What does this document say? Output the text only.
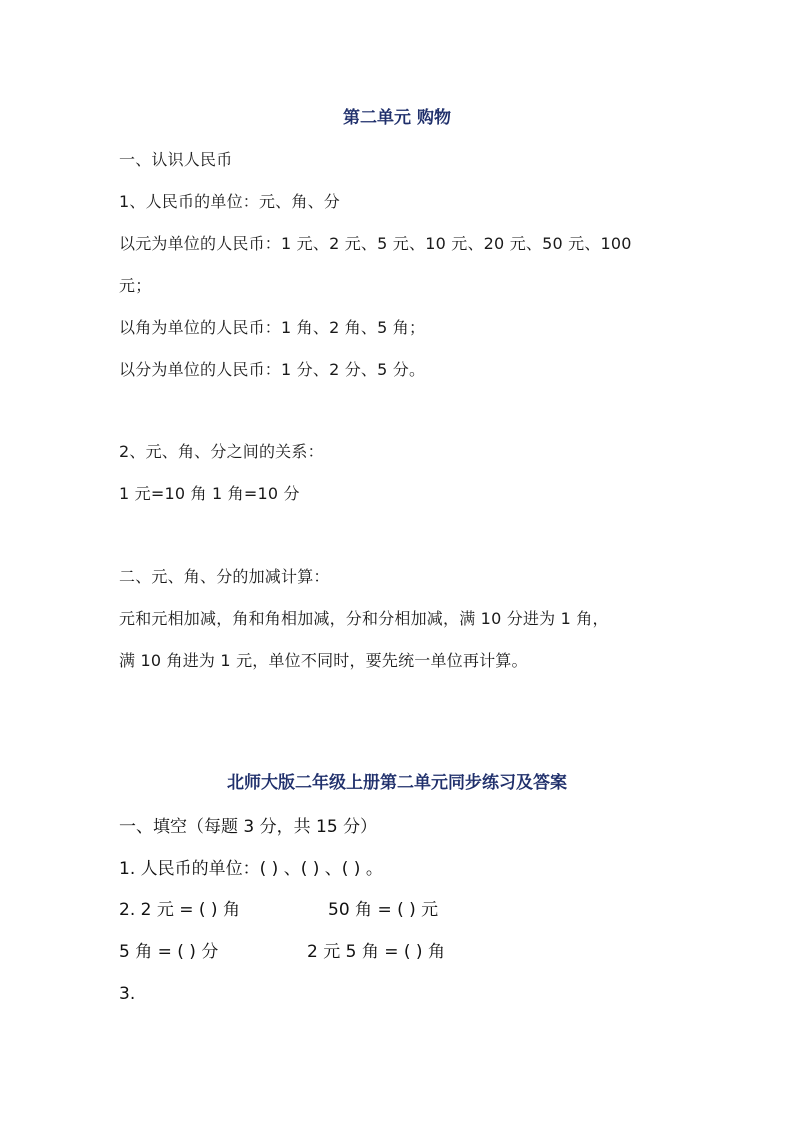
第二单元 购物
一、认识人民币
1、人民币的单位：元、角、分
以元为单位的人民币：1 元、2 元、5 元、10 元、20 元、50 元、100
元；
以角为单位的人民币：1 角、2 角、5 角；
以分为单位的人民币：1 分、2 分、5 分。
2、元、角、分之间的关系：
1 元=10 角 1 角=10 分
二、元、角、分的加减计算：
元和元相加减，角和角相加减，分和分相加减，满 10 分进为 1 角，
满 10 角进为 1 元，单位不同时，要先统一单位再计算。
北师大版二年级上册第二单元同步练习及答案
一、填空（每题 3 分，共 15 分）
1. 人民币的单位：( ) 、( ) 、( ) 。
2. 2 元 = ( ) 角	50 角 = ( ) 元
5 角 = ( ) 分	2 元 5 角 = ( ) 角
3.
